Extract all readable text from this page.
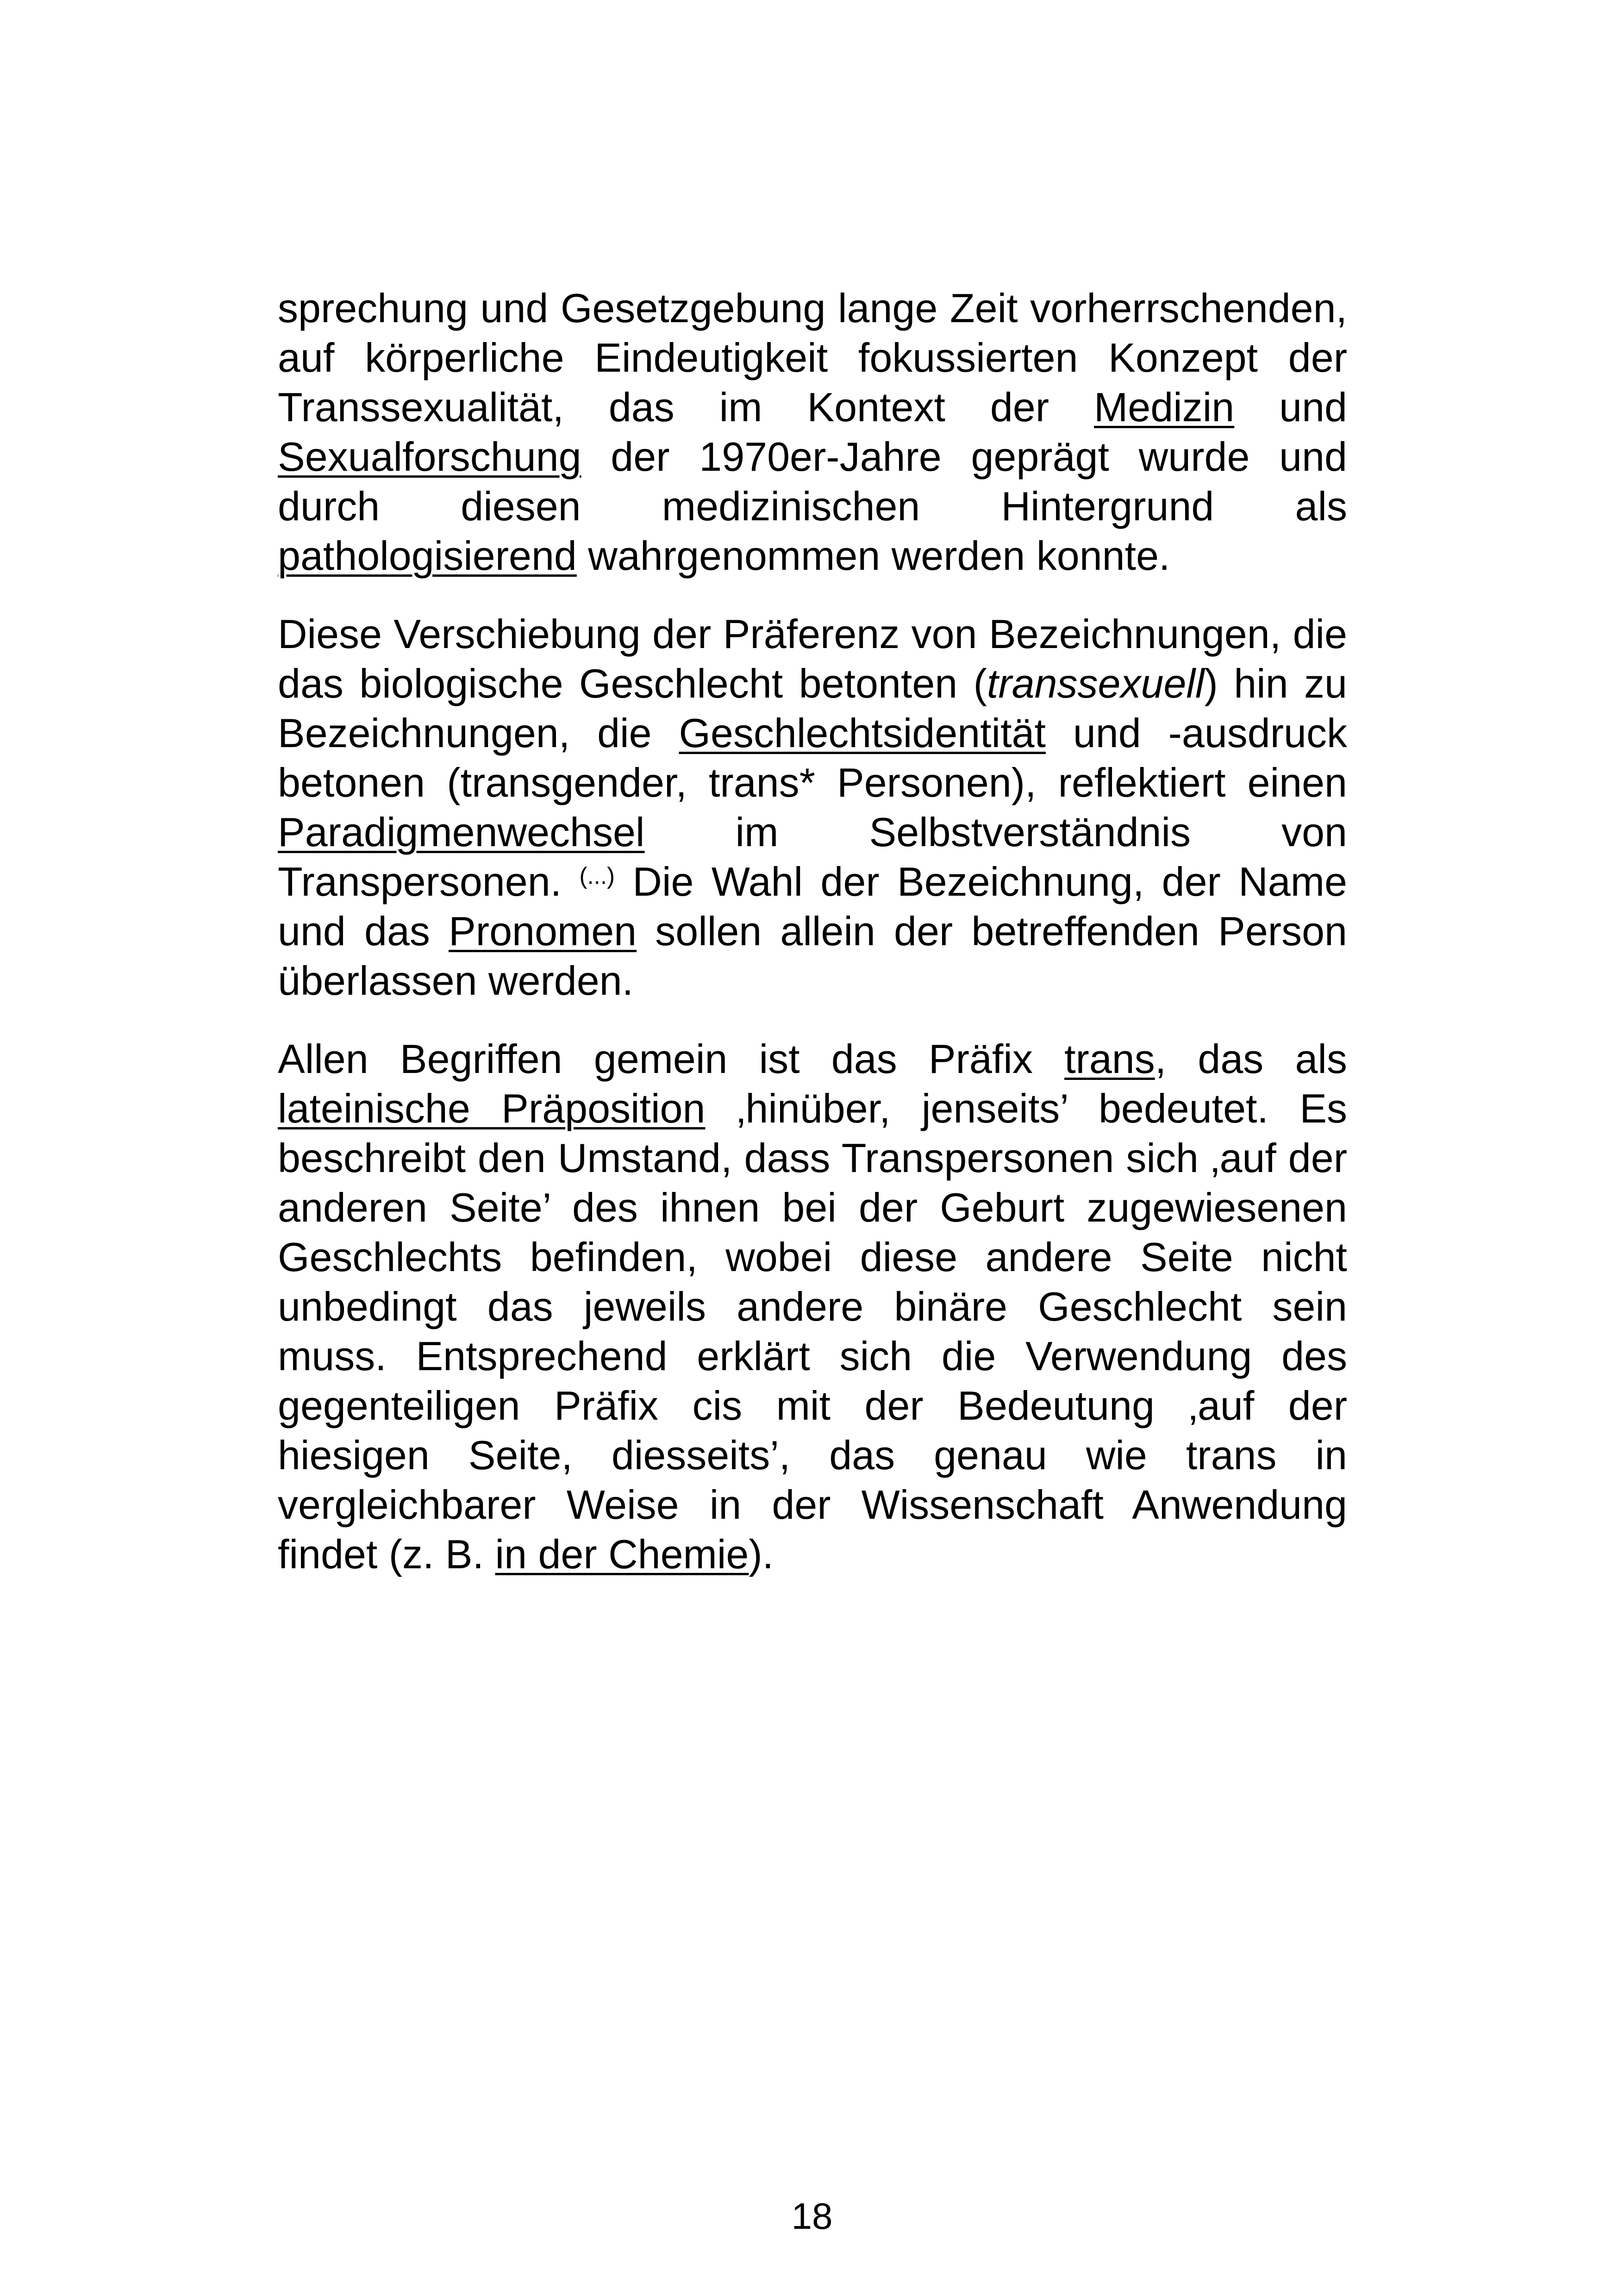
sprechung und Gesetzgebung lange Zeit vorherrschenden, auf körperliche Eindeutigkeit fokussierten Konzept der Transsexualität, das im Kontext der Medizin und Sexualforschung der 1970er-Jahre geprägt wurde und durch diesen medizinischen Hintergrund als pathologisierend wahrgenommen werden konnte.

Diese Verschiebung der Präferenz von Bezeichnungen, die das biologische Geschlecht betonten (transsexuell) hin zu Bezeichnungen, die Geschlechtsidentität und -ausdruck betonen (transgender, trans* Personen), reflektiert einen Paradigmenwechsel im Selbstverständnis von Transpersonen. (...) Die Wahl der Bezeichnung, der Name und das Pronomen sollen allein der betreffenden Person überlassen werden.

Allen Begriffen gemein ist das Präfix trans, das als lateinische Präposition ‚hinüber, jenseits’ bedeutet. Es beschreibt den Umstand, dass Transpersonen sich ‚auf der anderen Seite’ des ihnen bei der Geburt zugewiesenen Geschlechts befinden, wobei diese andere Seite nicht unbedingt das jeweils andere binäre Geschlecht sein muss. Entsprechend erklärt sich die Verwendung des gegenteiligen Präfix cis mit der Bedeutung ‚auf der hiesigen Seite, diesseits’, das genau wie trans in vergleichbarer Weise in der Wissenschaft Anwendung findet (z. B. in der Chemie).

18
